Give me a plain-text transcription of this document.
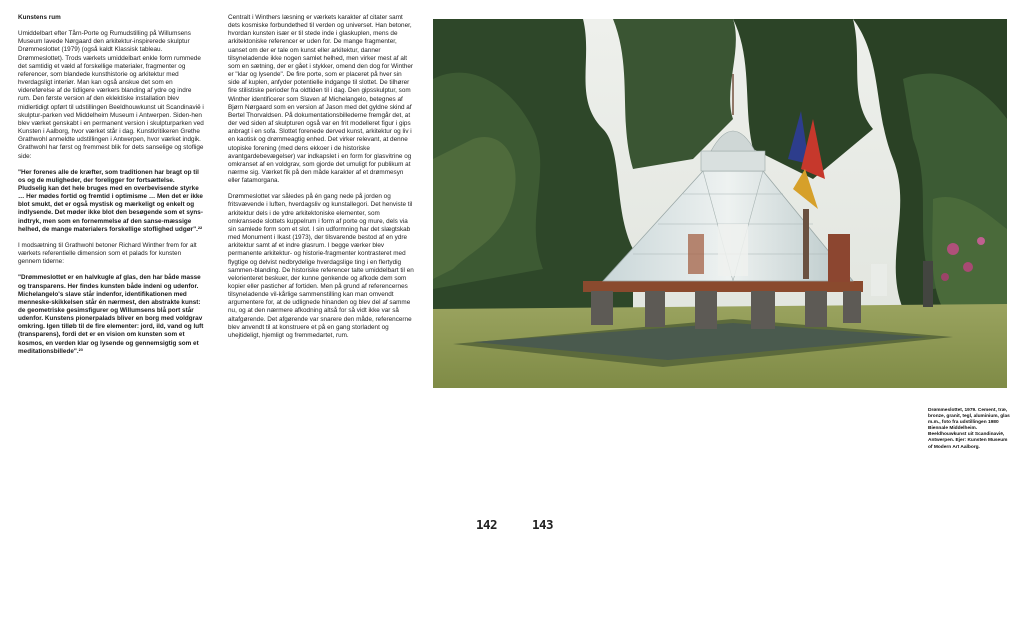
Kunstens rum

Umiddelbart efter Tårn-Porte og Rumudstilling på Willumsens Museum lavede Nørgaard den arkitektur-inspirerede skulptur Drømmeslottet (1979) (også kaldt Klassisk tableau. Drømmeslottet). Trods værkets umiddelbart enkle form rummede det samtidig et væld af forskellige materialer, fragmenter og referencer, som blandede kunsthistorie og arkitektur med hverdagsligt interiør. Man kan også anskue det som en videreførelse af de tidligere værkers blanding af ydre og indre rum. Den første version af den eklektiske installation blev midlertidigt opført til udstillingen Beeldhouwkunst uit Scandinavië i skulptur-parken ved Middelheim Museum i Antwerpen. Siden-hen blev værket genskabt i en permanent version i skulpturparken ved Kunsten i Aalborg, hvor værket står i dag. Kunstkritikeren Grethe Grathwohl anmeldte udstillingen i Antwerpen, hvor værket indgik. Grathwohl har først og fremmest blik for dets sanselige og stoflige side:

"Her forenes alle de kræfter, som traditionen har bragt op til os og de muligheder, der foreligger for fortsættelse. Pludselig kan det hele bruges med en overbevisende styrke … Her mødes fortid og fremtid i optimisme … Men det er ikke blot smukt, det er også mystisk og mærkeligt og enkelt og indlysende. Det møder ikke blot den besøgende som et syns-indtryk, men som en fornemmelse af den sanse-mæssige helhed, de mange materialers forskellige stoflighed udgør".²²

I modsætning til Grathwohl betoner Richard Winther frem for alt værkets referentielle dimension som et palads for kunsten gennem tiderne:

"Drømmeslottet er en halvkugle af glas, den har både masse og transparens. Her findes kunsten både indeni og udenfor. Michelangelo's slave står indenfor, identifikationen med menneske-skikkelsen står én nærmest, den abstrakte kunst: de geometriske gesimsfigurer og Willumsens blå port står udenfor. Kunstens pionerpalads bliver en borg med voldgrav omkring. Igen tilløb til de fire elementer: jord, ild, vand og luft (transparens), fordi det er en vision om kunsten som et kosmos, en verden klar og lysende og gennemsigtig som et meditationsbillede".²³

Centralt i Winthers læsning er værkets karakter af citater samt dets kosmiske forbundethed til verden og universet. Han betoner, hvordan kunsten især er til stede inde i glaskuplen, mens de arkitektoniske referencer er uden for. De mange fragmenter, uanset om der er tale om kunst eller arkitektur, danner tilsyneladende ikke nogen samlet helhed, men virker mest af alt som en sætning, der er gået i stykker, omend den dog for Winther er "klar og lysende". De fire porte, som er placeret på hver sin side af kuplen, anfyder potentielle indgange til slottet. De tilhører fire stilistiske perioder fra oldtiden til i dag. Den gipsskulptur, som Winther identificerer som Slaven af Michelangelo, betegnes af Bjørn Nørgaard som en version af Jason med det gyldne skind af Bertel Thorvaldsen. På dokumentationsbillederne fremgår det, at der ved siden af skulpturen også var en frit modelleret figur i gips anbragt i en sofa. Slottet forenede derved kunst, arkitektur og liv i en kaotisk og drømmeagtig enhed. Det virker relevant, at denne utopiske forening (med dens ekkoer i de historiske avantgardebevægelser) var indkapslet i en form for glasvitrine og omkranset af en voldgrav, som gjorde det umuligt for publikum at nærme sig. Værket fik på den måde karakter af et drømmesyn eller fatamorgana.

Drømmeslottet var således på én gang nede på jorden og fritsvævende i luften, hverdagsliv og kunstallegori. Det henviste til arkitektur dels i de ydre arkitektoniske elementer, som omkransede slottets kuppelrum i form af porte og mure, dels via sin samlede form som et slot. I sin udformning har det slægtskab med Monument i Ikast (1973), der tilsvarende bestod af en ydre arkitektur samt af et indre glasrum. I begge værker blev permanente arkitektur- og historie-fragmenter kontrasteret med flygtige og delvist nedbrydelige hverdagslige ting i en flertydig sammen-blanding. De historiske referencer talte umiddelbart til en velorienteret beskuer, der kunne genkende og afkode dem som kopier eller pasticher af fortiden. Men på grund af referencernes tilsyneladende vil-kårlige sammenstilling kan man omvendt argumentere for, at de udlignede hinanden og blev del af samme nu, og at den nærmere afkodning altså for så vidt ikke var så altafgørende. Det afgørende var snarere den måde, referencerne blev anvendt til at konstruere et på en gang storladent og uhejtideligt, hjemligt og fremmedartet, rum.

142	143
Drømmeslottet, 1979. Cement, træ, bronze, granit, tegl, aluminium, glas m.m., foto fra udstillingen 1980 Biennale Middelheim. Beeldhouwkunst uit Scandinavië, Antwerpen. Ejer: Kunsten Museum of Modern Art Aalborg.
